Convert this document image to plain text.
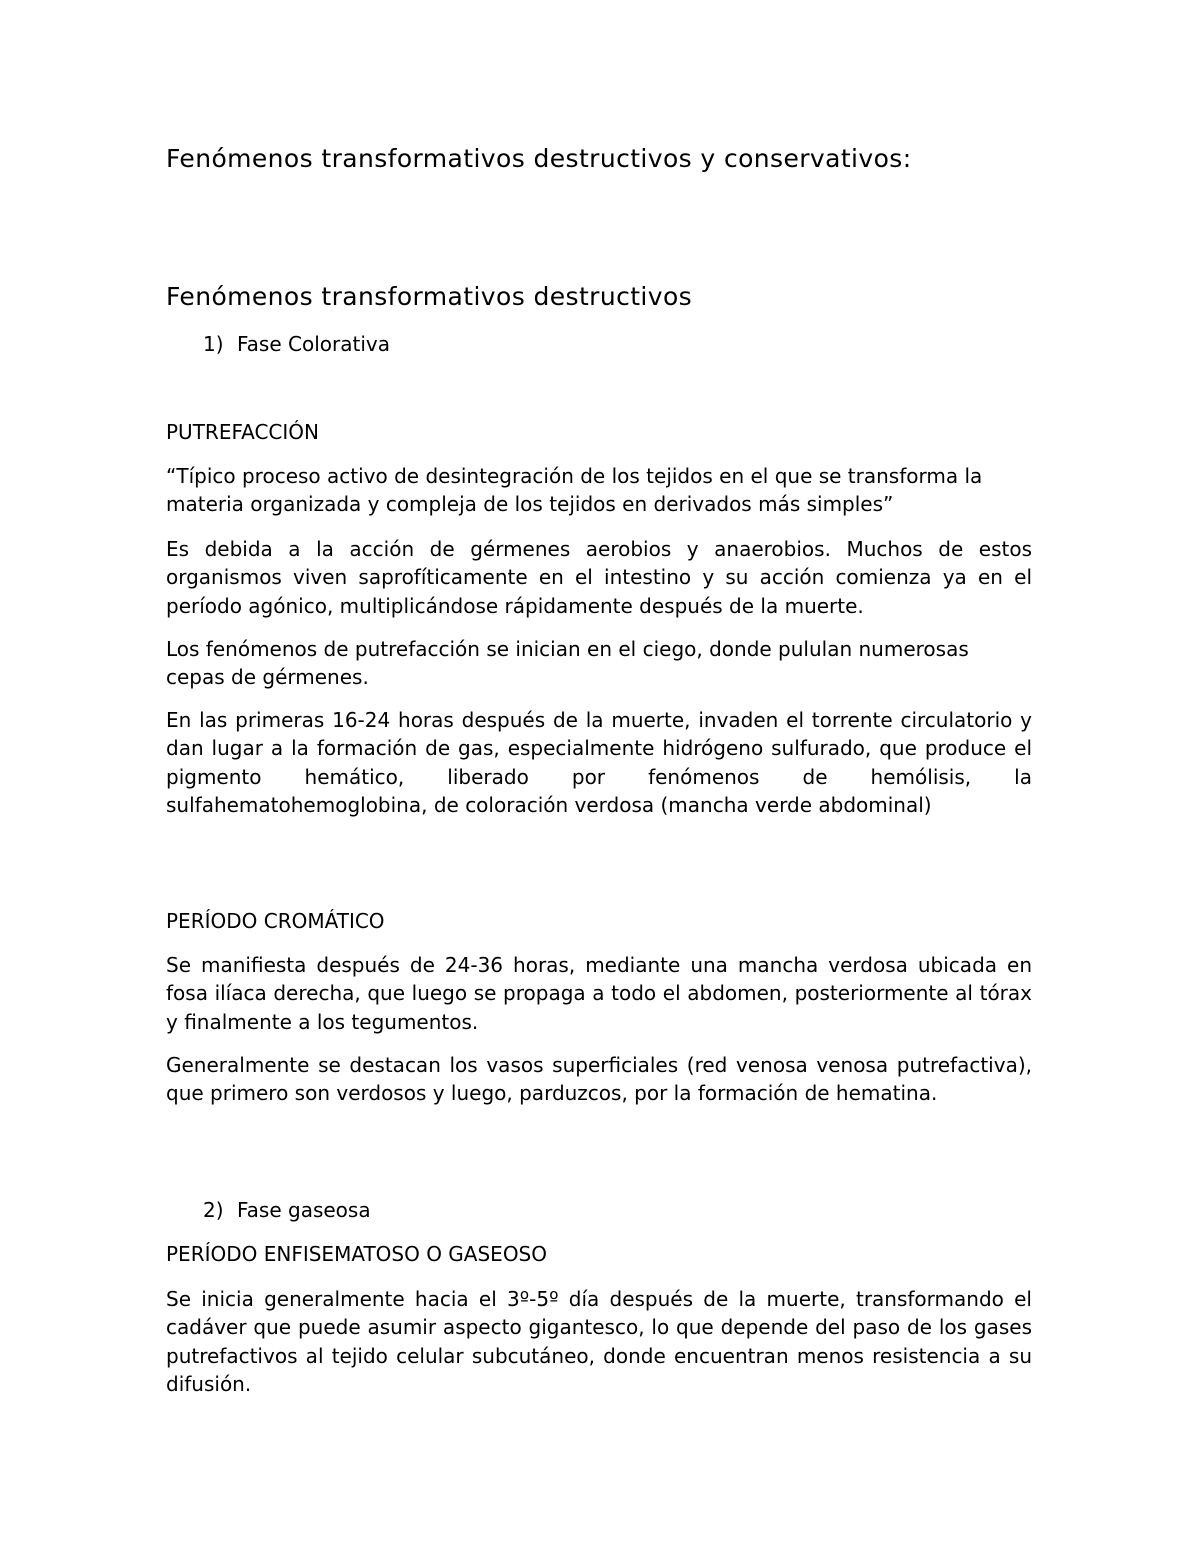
Fenómenos transformativos destructivos y conservativos:
Fenómenos transformativos destructivos
1) Fase Colorativa
PUTREFACCIÓN

“Típico proceso activo de desintegración de los tejidos en el que se transforma la materia organizada y compleja de los tejidos en derivados más simples”

Es debida a la acción de gérmenes aerobios y anaerobios. Muchos de estos organismos viven saprofíticamente en el intestino y su acción comienza ya en el período agónico, multiplicándose rápidamente después de la muerte.

Los fenómenos de putrefacción se inician en el ciego, donde pululan numerosas cepas de gérmenes.

En las primeras 16-24 horas después de la muerte, invaden el torrente circulatorio y dan lugar a la formación de gas, especialmente hidrógeno sulfurado, que produce el pigmento hemático, liberado por fenómenos de hemólisis, la sulfahematohemoglobina, de coloración verdosa (mancha verde abdominal)

PERÍODO CROMÁTICO

Se manifiesta después de 24-36 horas, mediante una mancha verdosa ubicada en fosa ilíaca derecha, que luego se propaga a todo el abdomen, posteriormente al tórax y finalmente a los tegumentos.

Generalmente se destacan los vasos superficiales (red venosa venosa putrefactiva), que primero son verdosos y luego, parduzcos, por la formación de hematina.

2) Fase gaseosa
PERÍODO ENFISEMATOSO O GASEOSO

Se inicia generalmente hacia el 3º-5º día después de la muerte, transformando el cadáver que puede asumir aspecto gigantesco, lo que depende del paso de los gases putrefactivos al tejido celular subcutáneo, donde encuentran menos resistencia a su difusión.
